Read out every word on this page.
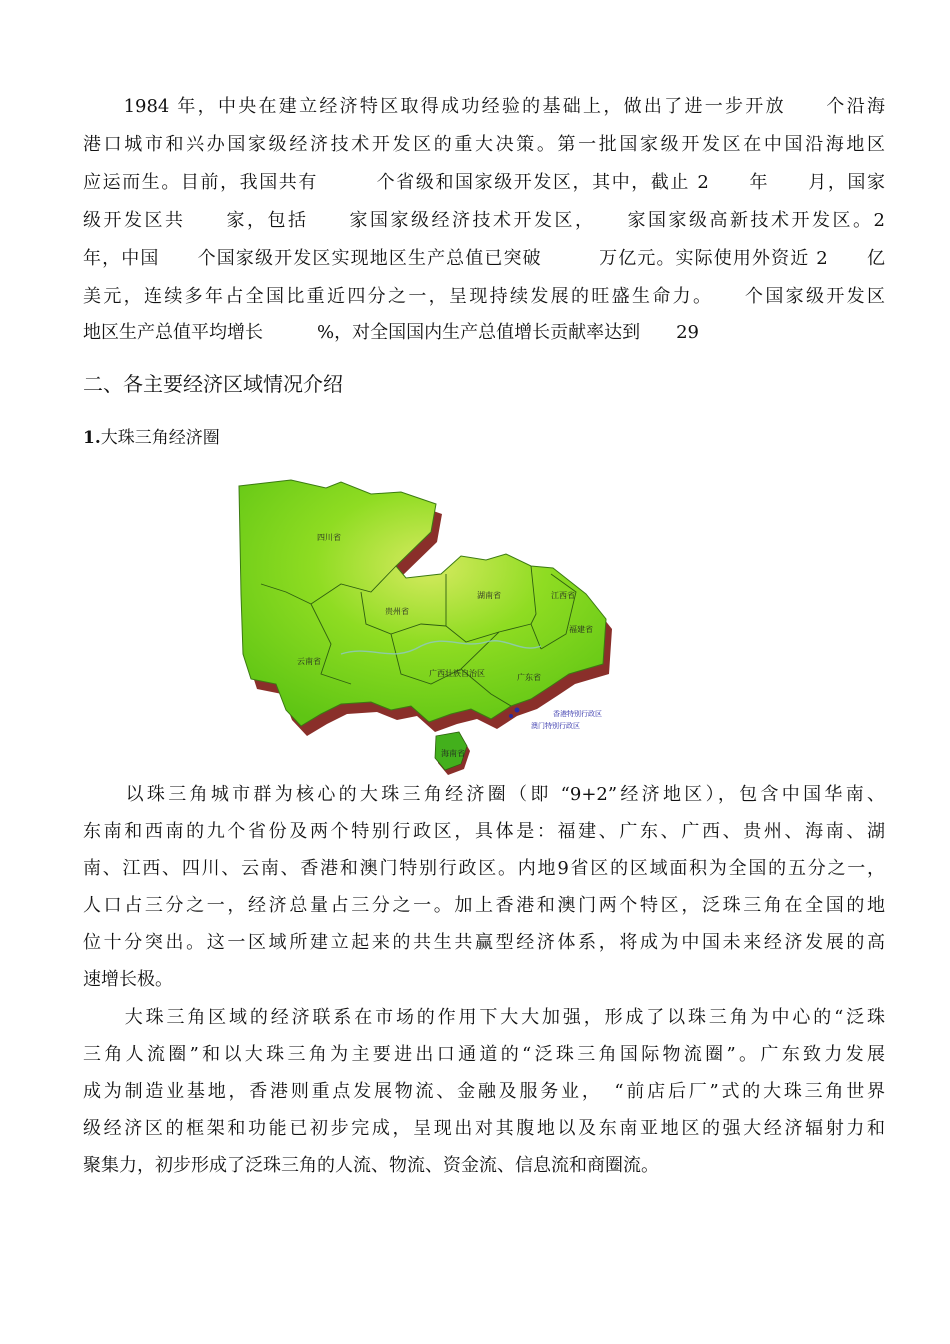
　　1984 年，中央在建立经济特区取得成功经验的基础上，做出了进一步开放　　个沿海
港口城市和兴办国家级经济技术开发区的重大决策。第一批国家级开发区在中国沿海地区
应运而生。目前，我国共有　　　个省级和国家级开发区，其中，截止 2　　年　　月，国家
级开发区共　　家，包括　　家国家级经济技术开发区，　　家国家级高新技术开发区。2
年，中国　　个国家级开发区实现地区生产总值已突破　　　万亿元。实际使用外资近 2　　亿
美元，连续多年占全国比重近四分之一，呈现持续发展的旺盛生命力。　　个国家级开发区
地区生产总值平均增长　　　%，对全国国内生产总值增长贡献率达到　　29
二、各主要经济区域情况介绍
1.大珠三角经济圈
四川省
贵州省
湖南省	江西省
福建省
云南省
广西壮族自治区	广东省
香港特别行政区
澳门特别行政区
海南省
　　以珠三角城市群为核心的大珠三角经济圈（即 “9+2”经济地区），包含中国华南、
东南和西南的九个省份及两个特别行政区，具体是：福建、广东、广西、贵州、海南、湖
南、江西、四川、云南、香港和澳门特别行政区。内地9省区的区域面积为全国的五分之一，
人口占三分之一，经济总量占三分之一。加上香港和澳门两个特区，泛珠三角在全国的地
位十分突出。这一区域所建立起来的共生共赢型经济体系，将成为中国未来经济发展的高
速增长极。
　　大珠三角区域的经济联系在市场的作用下大大加强，形成了以珠三角为中心的“泛珠
三角人流圈”和以大珠三角为主要进出口通道的“泛珠三角国际物流圈”。广东致力发展
成为制造业基地，香港则重点发展物流、金融及服务业，　“前店后厂”式的大珠三角世界
级经济区的框架和功能已初步完成，呈现出对其腹地以及东南亚地区的强大经济辐射力和
聚集力，初步形成了泛珠三角的人流、物流、资金流、信息流和商圈流。
